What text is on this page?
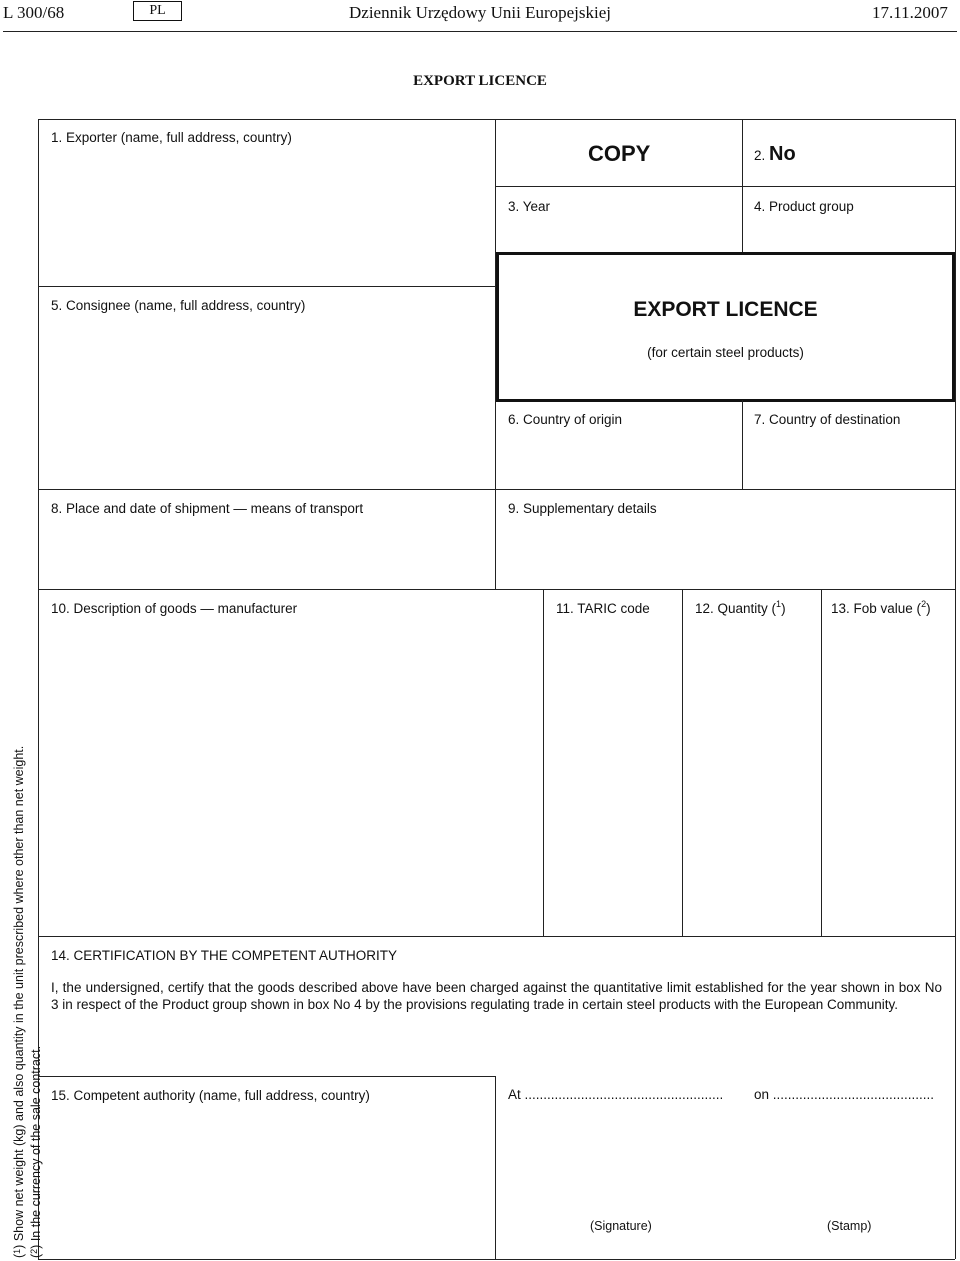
L 300/68	PL	Dziennik Urzędowy Unii Europejskiej	17.11.2007
EXPORT LICENCE
1. Exporter (name, full address, country)
COPY	2. No
3. Year	4. Product group
5. Consignee (name, full address, country)	EXPORT LICENCE
(for certain steel products)
6. Country of origin	7. Country of destination
8. Place and date of shipment — means of transport	9. Supplementary details
10. Description of goods — manufacturer	11. TARIC code	12. Quantity ($^1$)	13. Fob value ($^2$)
14. CERTIFICATION BY THE COMPETENT AUTHORITY
I, the undersigned, certify that the goods described above have been charged against the quantitative limit established for the year shown in box No 3 in respect of the Product group shown in box No 4 by the provisions regulating trade in certain steel products with the European Community.
15. Competent authority (name, full address, country)	At ..................................................... on ...........................................
(Signature)	(Stamp)
($^1$) Show net weight (kg) and also quantity in the unit prescribed where other than net weight.
($^2$) In the currency of the sale contract.
